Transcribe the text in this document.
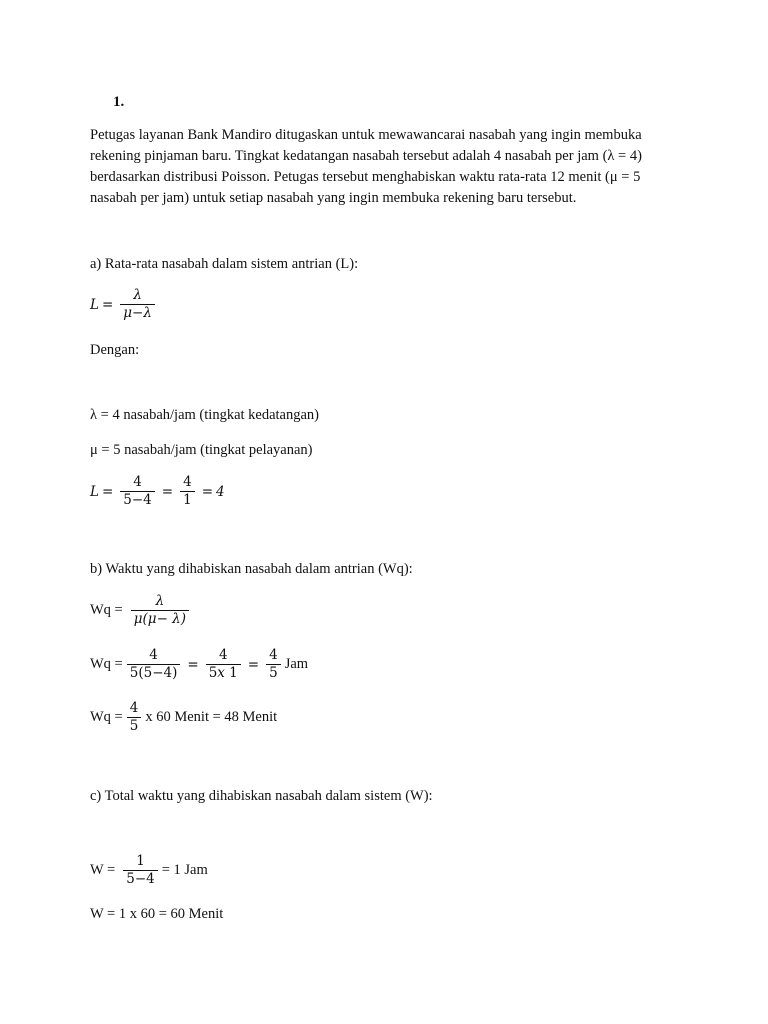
1.
Petugas layanan Bank Mandiro ditugaskan untuk mewawancarai nasabah yang ingin membuka
rekening pinjaman baru. Tingkat kedatangan nasabah tersebut adalah 4 nasabah per jam (λ = 4)
berdasarkan distribusi Poisson. Petugas tersebut menghabiskan waktu rata-rata 12 menit (μ = 5
nasabah per jam) untuk setiap nasabah yang ingin membuka rekening baru tersebut.
a) Rata-rata nasabah dalam sistem antrian (L):
$L = \frac{\lambda}{\mu-\lambda}$
Dengan:
λ = 4 nasabah/jam (tingkat kedatangan)
μ = 5 nasabah/jam (tingkat pelayanan)
$L = \frac{4}{5-4} = \frac{4}{1} = 4$
b) Waktu yang dihabiskan nasabah dalam antrian (Wq):
$Wq = \frac{\lambda}{\mu(\mu- \lambda)}$
$Wq = \frac{4}{5(5-4)} = \frac{4}{\text{5𝑥 1}} = \frac{4}{5}$ Jam
$Wq = \frac{4}{5}$ x 60 Menit = 48 Menit
c) Total waktu yang dihabiskan nasabah dalam sistem (W):
$W = \frac{1}{5-4} = 1$ Jam
W = 1 x 60 = 60 Menit
